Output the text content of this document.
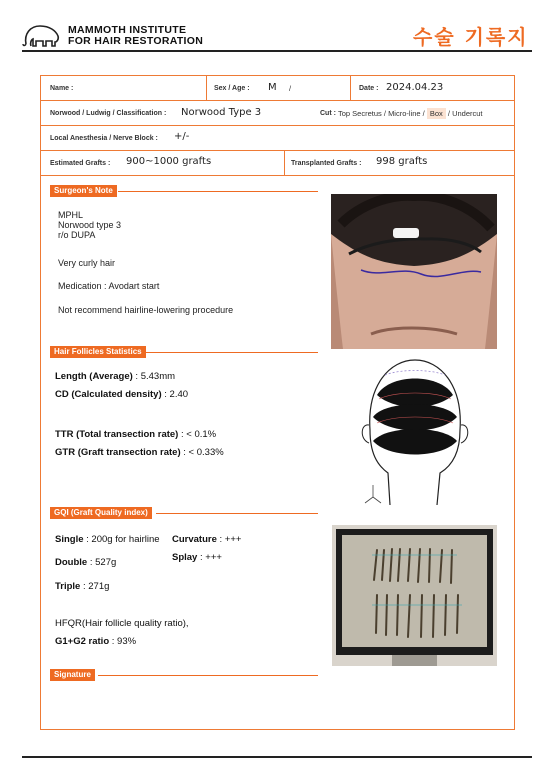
MAMMOTH INSTITUTE
FOR HAIR RESTORATION	수술 기록지
Name :	Sex / Age : M /	Date : 2024.04.23
Norwood / Ludwig / Classification : Norwood Type 3	Cut : Top Secretus / Micro-line / Box / Undercut
Local Anesthesia / Nerve Block : +/-
Estimated Grafts : 900~1000 grafts	Transplanted Grafts : 998 grafts
Surgeon's Note
MPHL
Norwood type 3
r/o DUPA
Very curly hair
Medication : Avodart start
Not recommend hairline-lowering procedure
Hair Follicles Statistics
Length (Average) : 5.43mm
CD (Calculated density) : 2.40
TTR (Total transection rate) : < 0.1%
GTR (Graft transection rate) : < 0.33%
GQI (Graft Quality index)
Single : 200g for hairline Curvature : +++
Splay : +++
Double : 527g
Triple : 271g
HFQR(Hair follicle quality ratio),
G1+G2 ratio : 93%
Signature
